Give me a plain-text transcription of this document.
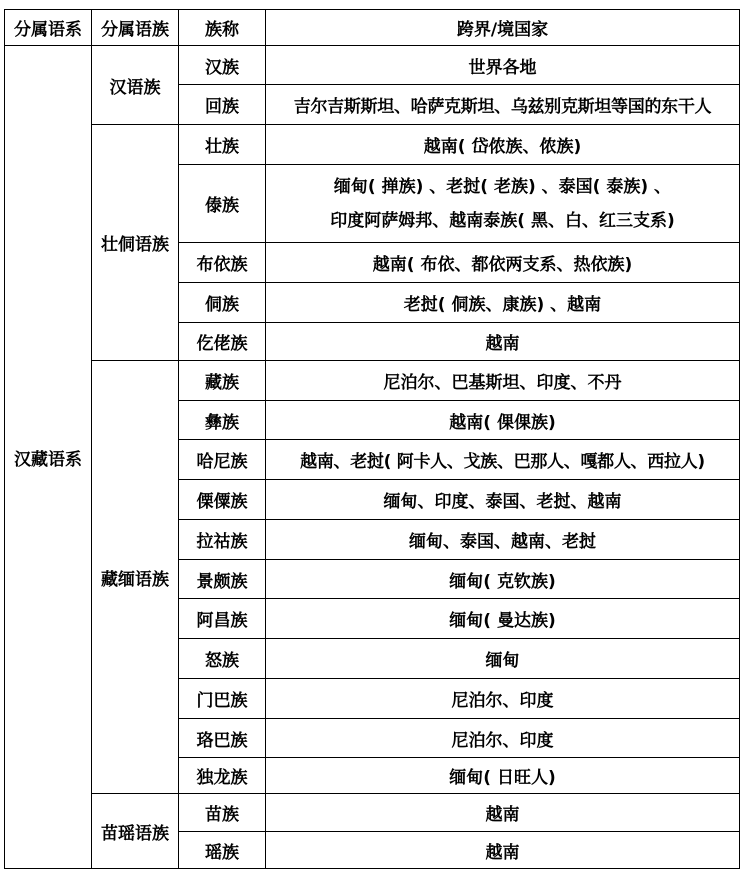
分属语系	分属语族	族称	跨界/境国家
汉藏语系	汉语族	汉族	世界各地
		回族	吉尔吉斯斯坦、哈萨克斯坦、乌兹别克斯坦等国的东干人
	壮侗语族	壮族	越南( 岱侬族、侬族)
		傣族	缅甸( 掸族) 、老挝( 老族) 、泰国( 泰族) 、
印度阿萨姆邦、越南泰族( 黑、白、红三支系)

		布依族	越南( 布依、都依两支系、热依族)
		侗族	老挝( 侗族、康族) 、越南
		仡佬族	越南
	藏缅语族	藏族	尼泊尔、巴基斯坦、印度、不丹
		彝族	越南( 倮倮族)
		哈尼族	越南、老挝( 阿卡人、戈族、巴那人、嘎都人、西拉人)
		傈僳族	缅甸、印度、泰国、老挝、越南
		拉祜族	缅甸、泰国、越南、老挝
		景颇族	缅甸( 克钦族)
		阿昌族	缅甸( 曼达族)
		怒族	缅甸
		门巴族	尼泊尔、印度
		珞巴族	尼泊尔、印度
		独龙族	缅甸( 日旺人)
	苗瑶语族	苗族	越南
		瑶族	越南
